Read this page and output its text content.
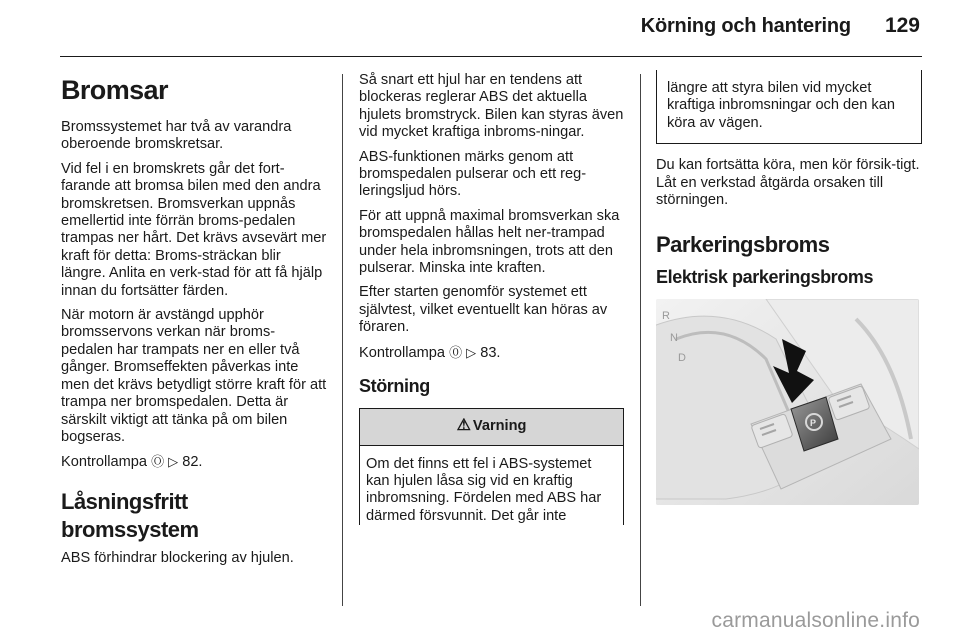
Körning och hantering 129
Bromsar

Bromssystemet har två av varandra oberoende bromskretsar.

Vid fel i en bromskrets går det fort-farande att bromsa bilen med den andra bromskretsen. Bromsverkan uppnås emellertid inte förrän broms-pedalen trampas ner hårt. Det krävs avsevärt mer kraft för detta: Broms-sträckan blir längre. Anlita en verk-stad för att få hjälp innan du fortsätter färden.

När motorn är avstängd upphör bromsservons verkan när broms-pedalen har trampats ner en eller två gånger. Bromseffekten påverkas inte men det krävs betydligt större kraft för att trampa ner bromspedalen. Detta är särskilt viktigt att tänka på om bilen bogseras.

Kontrollampa Ⓞ ▷ 82.

Låsningsfritt bromssystem

ABS förhindrar blockering av hjulen.

Så snart ett hjul har en tendens att blockeras reglerar ABS det aktuella hjulets bromstryck. Bilen kan styras även vid mycket kraftiga inbroms-ningar.

ABS-funktionen märks genom att bromspedalen pulserar och ett reg-leringsljud hörs.

För att uppnå maximal bromsverkan ska bromspedalen hållas helt ner-trampad under hela inbromsningen, trots att den pulserar. Minska inte kraften.

Efter starten genomför systemet ett självtest, vilket eventuellt kan höras av föraren.

Kontrollampa ⓪ ▷ 83.

Störning
⚠ Varning
Om det finns ett fel i ABS-systemet kan hjulen låsa sig vid en kraftig inbromsning. Fördelen med ABS har därmed försvunnit. Det går inte
längre att styra bilen vid mycket kraftiga inbromsningar och den kan köra av vägen.

Du kan fortsätta köra, men kör försik-tigt. Låt en verkstad åtgärda orsaken till störningen.

Parkeringsbroms
Elektrisk parkeringsbroms
R
N
D
P
carmanualsonline.info
